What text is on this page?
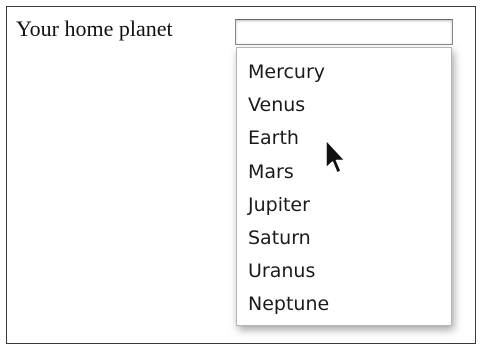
Your home planet
Mercury
Venus
Earth
Mars
Jupiter
Saturn
Uranus
Neptune
